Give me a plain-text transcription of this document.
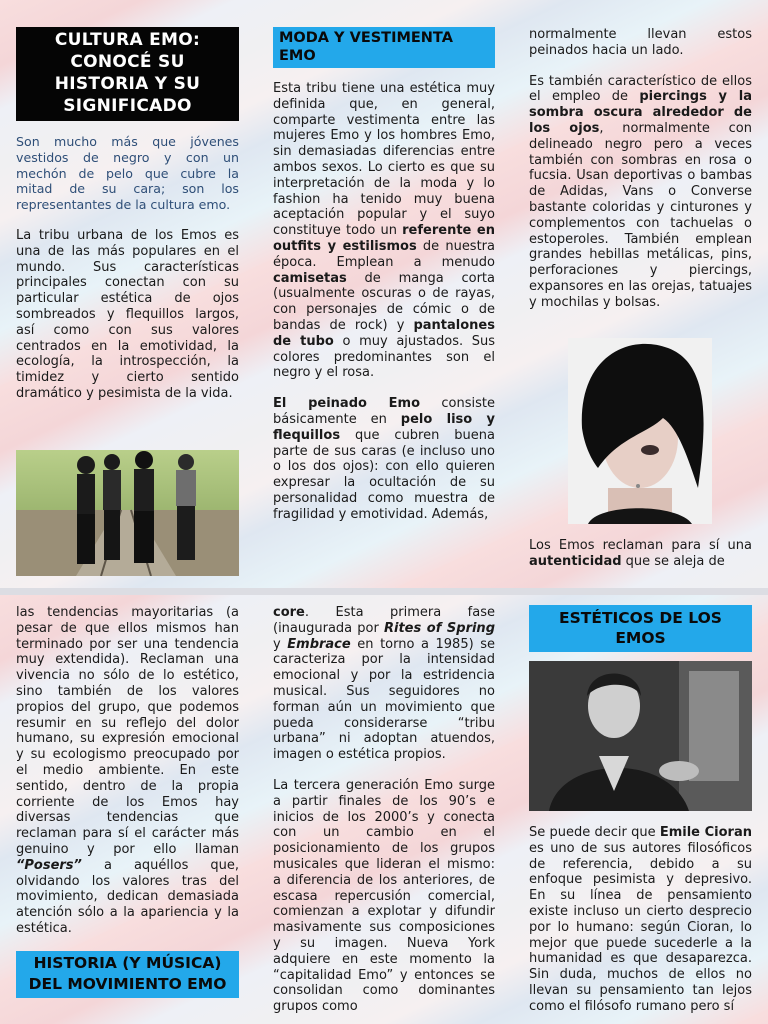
CULTURA EMO: CONOCÉ SU HISTORIA Y SU SIGNIFICADO

Son mucho más que jóvenes vestidos de negro y con un mechón de pelo que cubre la mitad de su cara; son los representantes de la cultura emo.

La tribu urbana de los Emos es una de las más populares en el mundo. Sus características principales conectan con su particular estética de ojos sombreados y flequillos largos, así como con sus valores centrados en la emotividad, la ecología, la introspección, la timidez y cierto sentido dramático y pesimista de la vida.

MODA Y VESTIMENTA EMO

Esta tribu tiene una estética muy definida que, en general, comparte vestimenta entre las mujeres Emo y los hombres Emo, sin demasiadas diferencias entre ambos sexos. Lo cierto es que su interpretación de la moda y lo fashion ha tenido muy buena aceptación popular y el suyo constituye todo un referente en outfits y estilismos de nuestra época. Emplean a menudo camisetas de manga corta (usualmente oscuras o de rayas, con personajes de cómic o de bandas de rock) y pantalones de tubo o muy ajustados. Sus colores predominantes son el negro y el rosa.

El peinado Emo consiste básicamente en pelo liso y flequillos que cubren buena parte de sus caras (e incluso uno o los dos ojos): con ello quieren expresar la ocultación de su personalidad como muestra de fragilidad y emotividad. Además,

normalmente llevan estos peinados hacia un lado.

Es también característico de ellos el empleo de piercings y la sombra oscura alrededor de los ojos, normalmente con delineado negro pero a veces también con sombras en rosa o fucsia. Usan deportivas o bambas de Adidas, Vans o Converse bastante coloridas y cinturones y complementos con tachuelas o estoperoles. También emplean grandes hebillas metálicas, pins, perforaciones y piercings, expansores en las orejas, tatuajes y mochilas y bolsas.

Los Emos reclaman para sí una autenticidad que se aleja de

las tendencias mayoritarias (a pesar de que ellos mismos han terminado por ser una tendencia muy extendida). Reclaman una vivencia no sólo de lo estético, sino también de los valores propios del grupo, que podemos resumir en su reflejo del dolor humano, su expresión emocional y su ecologismo preocupado por el medio ambiente. En este sentido, dentro de la propia corriente de los Emos hay diversas tendencias que reclaman para sí el carácter más genuino y por ello llaman “Posers” a aquéllos que, olvidando los valores tras del movimiento, dedican demasiada atención sólo a la apariencia y la estética.

HISTORIA (Y MÚSICA) DEL MOVIMIENTO EMO

core. Esta primera fase (inaugurada por Rites of Spring y Embrace en torno a 1985) se caracteriza por la intensidad emocional y por la estridencia musical. Sus seguidores no forman aún un movimiento que pueda considerarse “tribu urbana” ni adoptan atuendos, imagen o estética propios.

La tercera generación Emo surge a partir finales de los 90’s e inicios de los 2000’s y conecta con un cambio en el posicionamiento de los grupos musicales que lideran el mismo: a diferencia de los anteriores, de escasa repercusión comercial, comienzan a explotar y difundir masivamente sus composiciones y su imagen. Nueva York adquiere en este momento la “capitalidad Emo” y entonces se consolidan como dominantes grupos como

ESTÉTICOS DE LOS EMOS

Se puede decir que Emile Cioran es uno de sus autores filosóficos de referencia, debido a su enfoque pesimista y depresivo. En su línea de pensamiento existe incluso un cierto desprecio por lo humano: según Cioran, lo mejor que puede sucederle a la humanidad es que desaparezca. Sin duda, muchos de ellos no llevan su pensamiento tan lejos como el filósofo rumano pero sí
